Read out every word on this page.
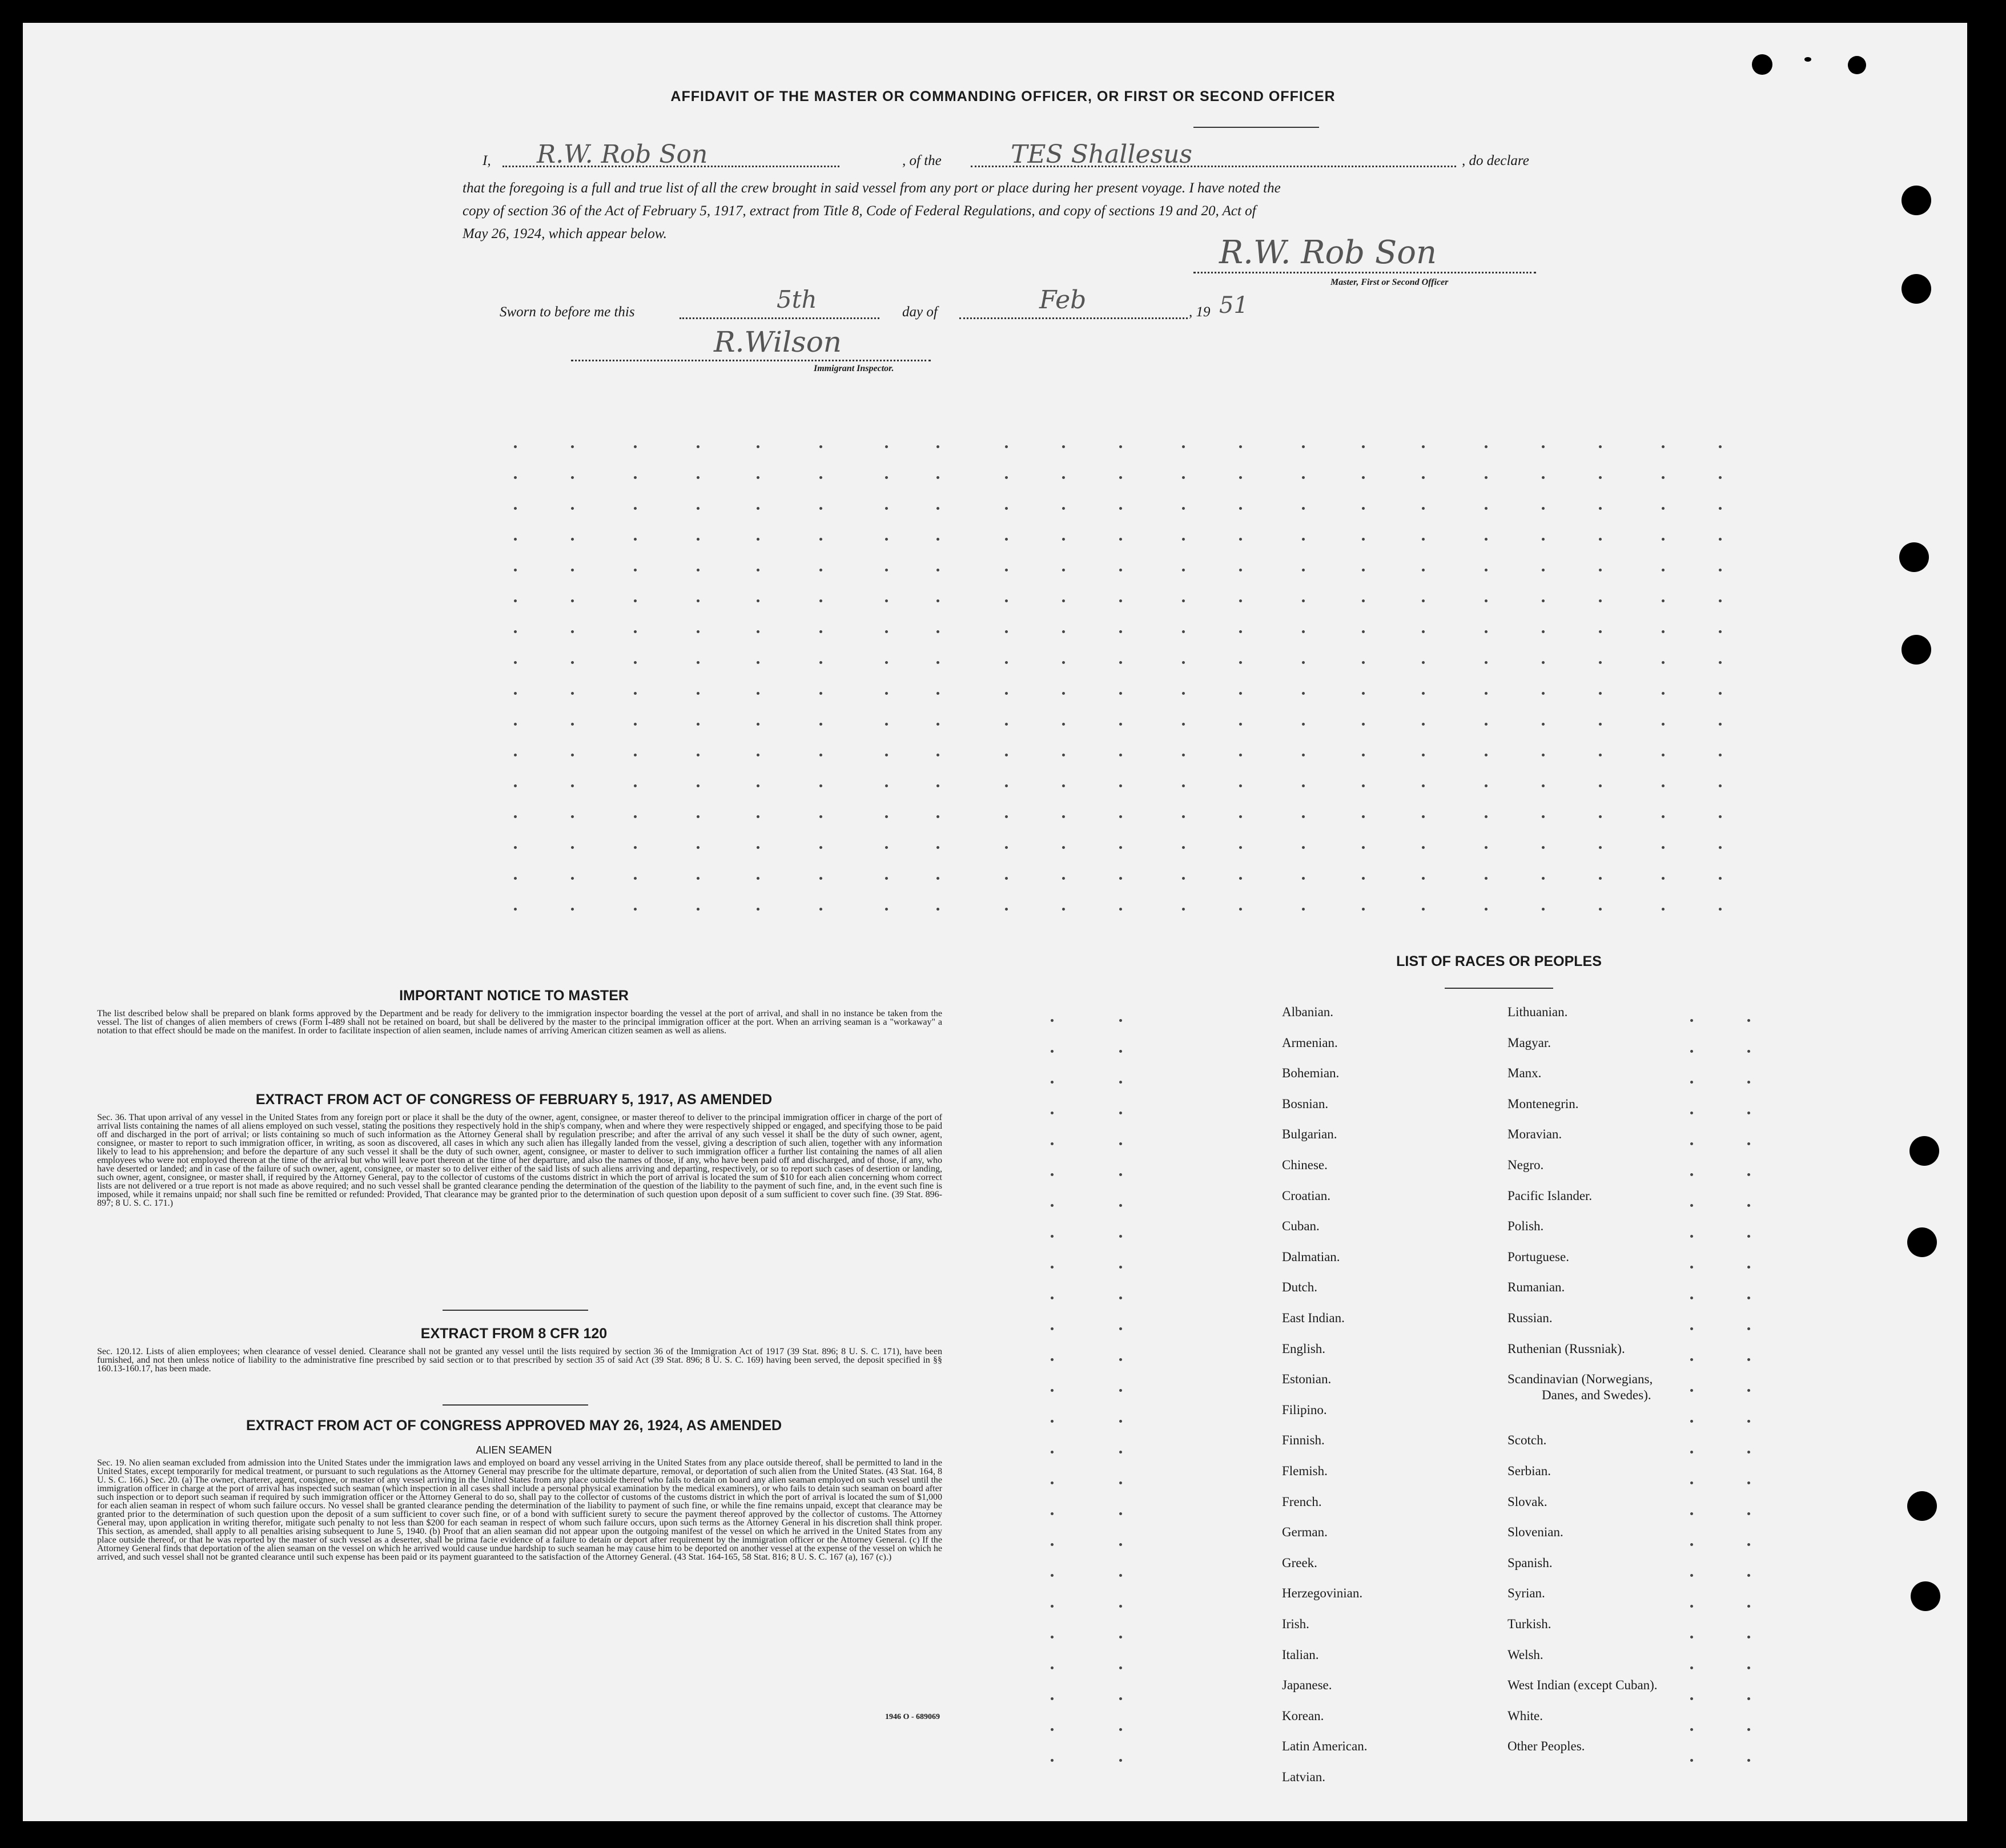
AFFIDAVIT OF THE MASTER OR COMMANDING OFFICER, OR FIRST OR SECOND OFFICER
I, R.W. Rob Son	, of the	TES Shallesus	, do declare
that the foregoing is a full and true list of all the crew brought in said vessel from any port or place during her present voyage. I have noted the
copy of section 36 of the Act of February 5, 1917, extract from Title 8, Code of Federal Regulations, and copy of sections 19 and 20, Act of
May 26, 1924, which appear below.
R.W. Rob Son
Master, First or Second Officer
Sworn to before me this	5th	day of	Feb	, 19 51
R.Wilson
Immigrant Inspector.
IMPORTANT NOTICE TO MASTER
The list described below shall be prepared on blank forms approved by the Department and be ready for delivery to the immigration inspector boarding the vessel at the port of arrival, and shall in no instance be taken from the vessel. The list of changes of alien members of crews (Form I-489 shall not be retained on board, but shall be delivered by the master to the principal immigration officer at the port. When an arriving seaman is a "workaway" a notation to that effect should be made on the manifest. In order to facilitate inspection of alien seamen, include names of arriving American citizen seamen as well as aliens.
EXTRACT FROM ACT OF CONGRESS OF FEBRUARY 5, 1917, AS AMENDED
Sec. 36. That upon arrival of any vessel in the United States from any foreign port or place it shall be the duty of the owner, agent, consignee, or master thereof to deliver to the principal immigration officer in charge of the port of arrival lists containing the names of all aliens employed on such vessel, stating the positions they respectively hold in the ship's company, when and where they were respectively shipped or engaged, and specifying those to be paid off and discharged in the port of arrival; or lists containing so much of such information as the Attorney General shall by regulation prescribe; and after the arrival of any such vessel it shall be the duty of such owner, agent, consignee, or master to report to such immigration officer, in writing, as soon as discovered, all cases in which any such alien has illegally landed from the vessel, giving a description of such alien, together with any information likely to lead to his apprehension; and before the departure of any such vessel it shall be the duty of such owner, agent, consignee, or master to deliver to such immigration officer a further list containing the names of all alien employees who were not employed thereon at the time of the arrival but who will leave port thereon at the time of her departure, and also the names of those, if any, who have been paid off and discharged, and of those, if any, who have deserted or landed; and in case of the failure of such owner, agent, consignee, or master so to deliver either of the said lists of such aliens arriving and departing, respectively, or so to report such cases of desertion or landing, such owner, agent, consignee, or master shall, if required by the Attorney General, pay to the collector of customs of the customs district in which the port of arrival is located the sum of $10 for each alien concerning whom correct lists are not delivered or a true report is not made as above required; and no such vessel shall be granted clearance pending the determination of the question of the liability to the payment of such fine, and, in the event such fine is imposed, while it remains unpaid; nor shall such fine be remitted or refunded: Provided, That clearance may be granted prior to the determination of such question upon deposit of a sum sufficient to cover such fine. (39 Stat. 896-897; 8 U. S. C. 171.)
EXTRACT FROM 8 CFR 120
Sec. 120.12. Lists of alien employees; when clearance of vessel denied. Clearance shall not be granted any vessel until the lists required by section 36 of the Immigration Act of 1917 (39 Stat. 896; 8 U. S. C. 171), have been furnished, and not then unless notice of liability to the administrative fine prescribed by said section or to that prescribed by section 35 of said Act (39 Stat. 896; 8 U. S. C. 169) having been served, the deposit specified in §§ 160.13-160.17, has been made.
EXTRACT FROM ACT OF CONGRESS APPROVED MAY 26, 1924, AS AMENDED
ALIEN SEAMEN
Sec. 19. No alien seaman excluded from admission into the United States under the immigration laws and employed on board any vessel arriving in the United States from any place outside thereof, shall be permitted to land in the United States, except temporarily for medical treatment, or pursuant to such regulations as the Attorney General may prescribe for the ultimate departure, removal, or deportation of such alien from the United States. (43 Stat. 164, 8 U. S. C. 166.) Sec. 20. (a) The owner, charterer, agent, consignee, or master of any vessel arriving in the United States from any place outside thereof who fails to detain on board any alien seaman employed on such vessel until the immigration officer in charge at the port of arrival has inspected such seaman (which inspection in all cases shall include a personal physical examination by the medical examiners), or who fails to detain such seaman on board after such inspection or to deport such seaman if required by such immigration officer or the Attorney General to do so, shall pay to the collector of customs of the customs district in which the port of arrival is located the sum of $1,000 for each alien seaman in respect of whom such failure occurs. No vessel shall be granted clearance pending the determination of the liability to payment of such fine, or while the fine remains unpaid, except that clearance may be granted prior to the determination of such question upon the deposit of a sum sufficient to cover such fine, or of a bond with sufficient surety to secure the payment thereof approved by the collector of customs. The Attorney General may, upon application in writing therefor, mitigate such penalty to not less than $200 for each seaman in respect of whom such failure occurs, upon such terms as the Attorney General in his discretion shall think proper. This section, as amended, shall apply to all penalties arising subsequent to June 5, 1940. (b) Proof that an alien seaman did not appear upon the outgoing manifest of the vessel on which he arrived in the United States from any place outside thereof, or that he was reported by the master of such vessel as a deserter, shall be prima facie evidence of a failure to detain or deport after requirement by the immigration officer or the Attorney General. (c) If the Attorney General finds that deportation of the alien seaman on the vessel on which he arrived would cause undue hardship to such seaman he may cause him to be deported on another vessel at the expense of the vessel on which he arrived, and such vessel shall not be granted clearance until such expense has been paid or its payment guaranteed to the satisfaction of the Attorney General. (43 Stat. 164-165, 58 Stat. 816; 8 U. S. C. 167 (a), 167 (c).)
1946 O - 689069
LIST OF RACES OR PEOPLES
Albanian.
Armenian.
Bohemian.
Bosnian.
Bulgarian.
Chinese.
Croatian.
Cuban.
Dalmatian.
Dutch.
East Indian.
English.
Estonian.
Filipino.
Finnish.
Flemish.
French.
German.
Greek.
Herzegovinian.
Irish.
Italian.
Japanese.
Korean.
Latin American.
Latvian.
Lithuanian.
Magyar.
Manx.
Montenegrin.
Moravian.
Negro.
Pacific Islander.
Polish.
Portuguese.
Rumanian.
Russian.
Ruthenian (Russniak).
Scandinavian (Norwegians,
Danes, and Swedes).
Scotch.
Serbian.
Slovak.
Slovenian.
Spanish.
Syrian.
Turkish.
Welsh.
West Indian (except Cuban).
White.
Other Peoples.
